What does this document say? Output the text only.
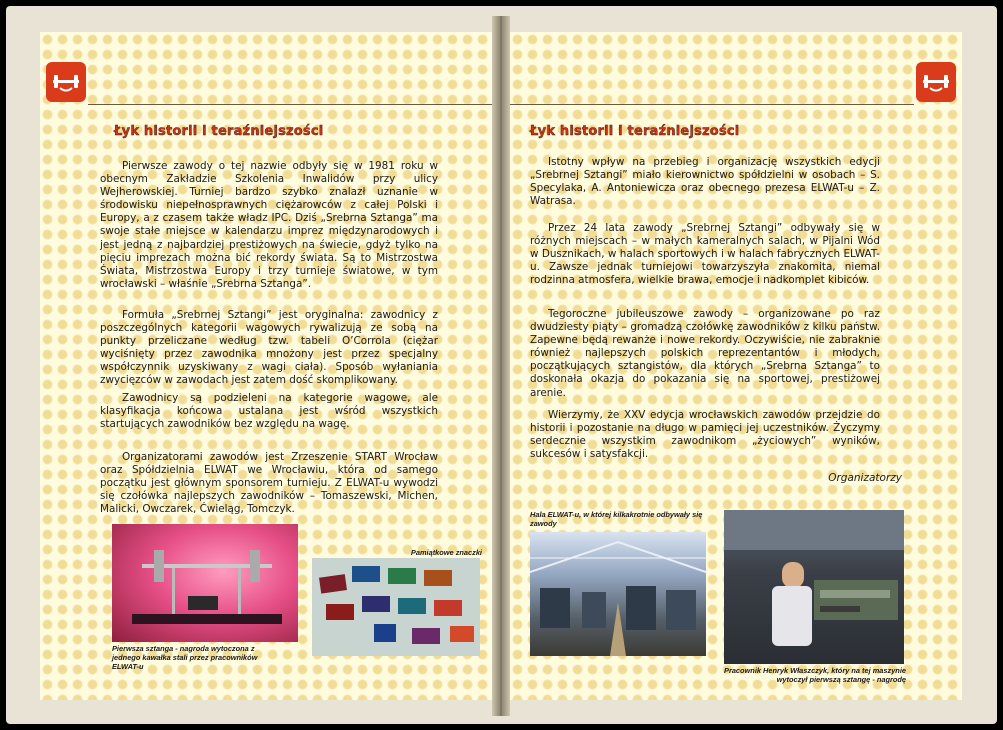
Łyk historii i teraźniejszości

Pierwsze zawody o tej nazwie odbyły się w 1981 roku w obecnym Zakładzie Szkolenia Inwalidów przy ulicy Wejherowskiej. Turniej bardzo szybko znalazł uznanie w środowisku niepełnosprawnych ciężarowców z całej Polski i Europy, a z czasem także władz IPC. Dziś „Srebrna Sztanga” ma swoje stałe miejsce w kalendarzu imprez międzynarodowych i jest jedną z najbardziej prestiżowych na świecie, gdyż tylko na pięciu imprezach można bić rekordy świata. Są to Mistrzostwa Świata, Mistrzostwa Europy i trzy turnieje światowe, w tym wrocławski – właśnie „Srebrna Sztanga”.

Formuła „Srebrnej Sztangi” jest oryginalna: zawodnicy z poszczególnych kategorii wagowych rywalizują ze sobą na punkty przeliczane według tzw. tabeli O’Corrola (ciężar wyciśnięty przez zawodnika mnożony jest przez specjalny współczynnik uzyskiwany z wagi ciała). Sposób wyłaniania zwycięzców w zawodach jest zatem dość skomplikowany.

Zawodnicy są podzieleni na kategorie wagowe, ale klasyfikacja końcowa ustalana jest wśród wszystkich startujących zawodników bez względu na wagę.

Organizatorami zawodów jest Zrzeszenie START Wrocław oraz Spółdzielnia ELWAT we Wrocławiu, która od samego początku jest głównym sponsorem turnieju. Z ELWAT-u wywodzi się czołówka najlepszych zawodników – Tomaszewski, Michen, Malicki, Owczarek, Ćwieląg, Tomczyk.

Pierwsza sztanga - nagroda wytoczona z jednego kawałka stali przez pracowników ELWAT-u

Pamiątkowe znaczki

Łyk historii i teraźniejszości

Istotny wpływ na przebieg i organizację wszystkich edycji „Srebrnej Sztangi” miało kierownictwo spółdzielni w osobach – S. Specylaka, A. Antoniewicza oraz obecnego prezesa ELWAT-u – Z. Watrasa.

Przez 24 lata zawody „Srebrnej Sztangi” odbywały się w różnych miejscach – w małych kameralnych salach, w Pijalni Wód w Dusznikach, w halach sportowych i w halach fabrycznych ELWAT-u. Zawsze jednak turniejowi towarzyszyła znakomita, niemal rodzinna atmosfera, wielkie brawa, emocje i nadkomplet kibiców.

Tegoroczne jubileuszowe zawody – organizowane po raz dwudziesty piąty – gromadzą czołówkę zawodników z kilku państw. Zapewne będą rewanże i nowe rekordy. Oczywiście, nie zabraknie również najlepszych polskich reprezentantów i młodych, początkujących sztangistów, dla których „Srebrna Sztanga” to doskonała okazja do pokazania się na sportowej, prestiżowej arenie.

Wierzymy, że XXV edycja wrocławskich zawodów przejdzie do historii i pozostanie na długo w pamięci jej uczestników. Życzymy serdecznie wszystkim zawodnikom „życiowych” wyników, sukcesów i satysfakcji.

Organizatorzy

Hala ELWAT-u, w której kilkakrotnie odbywały się zawody

Pracownik Henryk Właszczyk, który na tej maszynie wytoczył pierwszą sztangę - nagrodę
